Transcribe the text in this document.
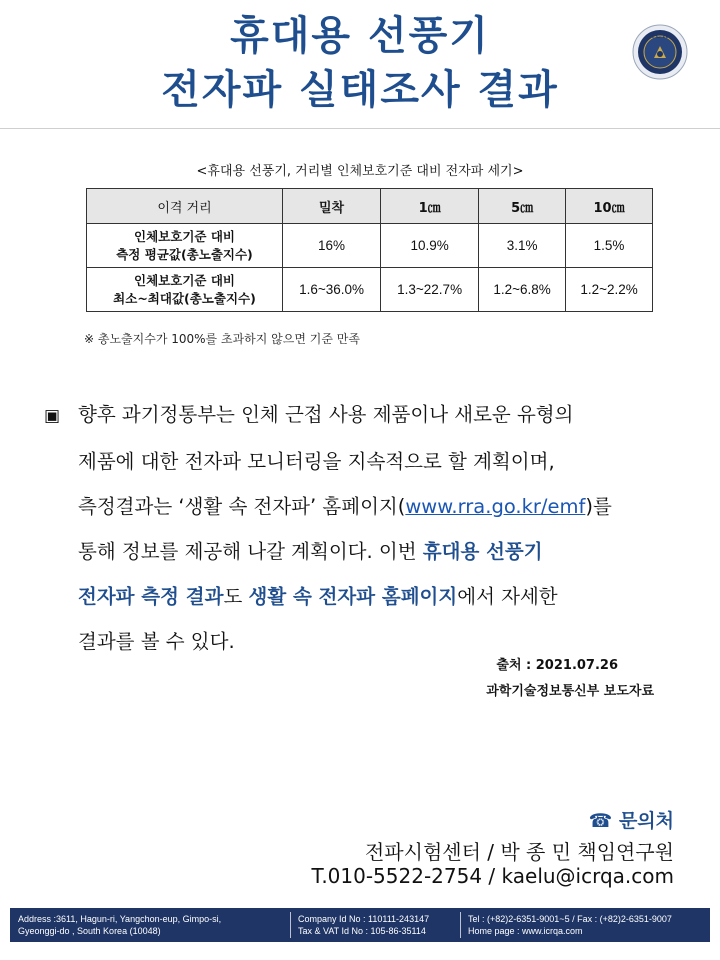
휴대용 선풍기
전자파 실태조사 결과
I C R
<휴대용 선풍기, 거리별 인체보호기준 대비 전자파 세기>
이격 거리	밀착	1㎝	5㎝	10㎝
인체보호기준 대비
측정 평균값(총노출지수)	16%	10.9%	3.1%	1.5%
인체보호기준 대비
최소~최대값(총노출지수)	1.6~36.0%	1.3~22.7%	1.2~6.8%	1.2~2.2%
※ 총노출지수가 100%를 초과하지 않으면 기준 만족
▣ 향후 과기정통부는 인체 근접 사용 제품이나 새로운 유형의
제품에 대한 전자파 모니터링을 지속적으로 할 계획이며,
측정결과는 ‘생활 속 전자파’ 홈페이지(www.rra.go.kr/emf)를
통해 정보를 제공해 나갈 계획이다. 이번 휴대용 선풍기
전자파 측정 결과도 생활 속 전자파 홈페이지에서 자세한
결과를 볼 수 있다.
출처 : 2021.07.26
과학기술정보통신부 보도자료
☎ 문의처
전파시험센터 / 박 종 민 책임연구원
T.010-5522-2754 / kaelu@icrqa.com
Address :3611, Hagun-ri, Yangchon-eup, Gimpo-si,
Gyeonggi-do , South Korea (10048)
Company Id No : 110111-243147
Tax & VAT Id No : 105-86-35114
Tel : (+82)2-6351-9001~5 / Fax : (+82)2-6351-9007
Home page : www.icrqa.com
